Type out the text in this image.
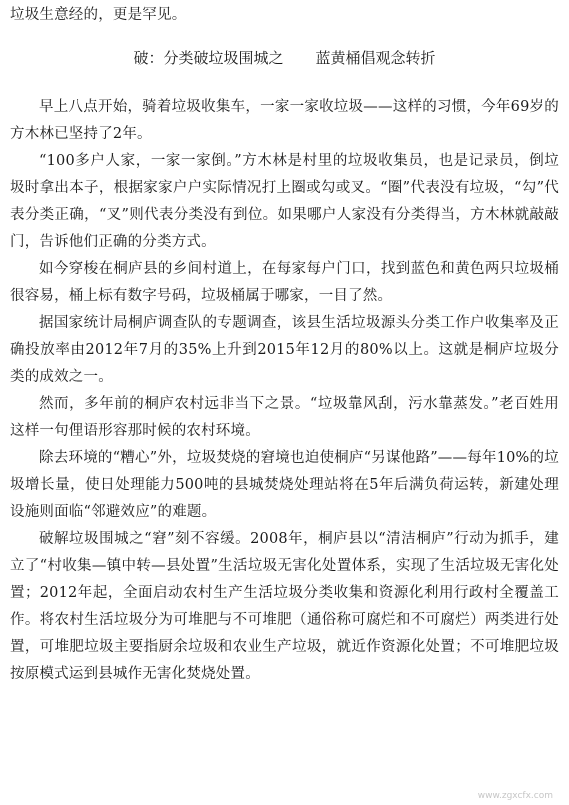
垃圾生意经的，更是罕见。
破：分类破垃圾围城之 蓝黄桶倡观念转折

早上八点开始，骑着垃圾收集车，一家一家收垃圾——这样的习惯，今年69岁的方木林已坚持了2年。

“100多户人家，一家一家倒。”方木林是村里的垃圾收集员，也是记录员，倒垃圾时拿出本子，根据家家户户实际情况打上圈或勾或叉。“圈”代表没有垃圾，“勾”代表分类正确，“叉”则代表分类没有到位。如果哪户人家没有分类得当，方木林就敲敲门，告诉他们正确的分类方式。

如今穿梭在桐庐县的乡间村道上，在每家每户门口，找到蓝色和黄色两只垃圾桶很容易，桶上标有数字号码，垃圾桶属于哪家，一目了然。

据国家统计局桐庐调查队的专题调查，该县生活垃圾源头分类工作户收集率及正确投放率由2012年7月的35%上升到2015年12月的80%以上。这就是桐庐垃圾分类的成效之一。

然而，多年前的桐庐农村远非当下之景。“垃圾靠风刮，污水靠蒸发。”老百姓用这样一句俚语形容那时候的农村环境。

除去环境的“糟心”外，垃圾焚烧的窘境也迫使桐庐“另谋他路”——每年10%的垃圾增长量，使日处理能力500吨的县城焚烧处理站将在5年后满负荷运转，新建处理设施则面临“邻避效应”的难题。

破解垃圾围城之“窘”刻不容缓。2008年，桐庐县以“清洁桐庐”行动为抓手，建立了“村收集—镇中转—县处置”生活垃圾无害化处置体系，实现了生活垃圾无害化处置；2012年起，全面启动农村生产生活垃圾分类收集和资源化利用行政村全覆盖工作。将农村生活垃圾分为可堆肥与不可堆肥（通俗称可腐烂和不可腐烂）两类进行处置，可堆肥垃圾主要指厨余垃圾和农业生产垃圾，就近作资源化处置；不可堆肥垃圾按原模式运到县城作无害化焚烧处置。

www.zgxcfx.com
